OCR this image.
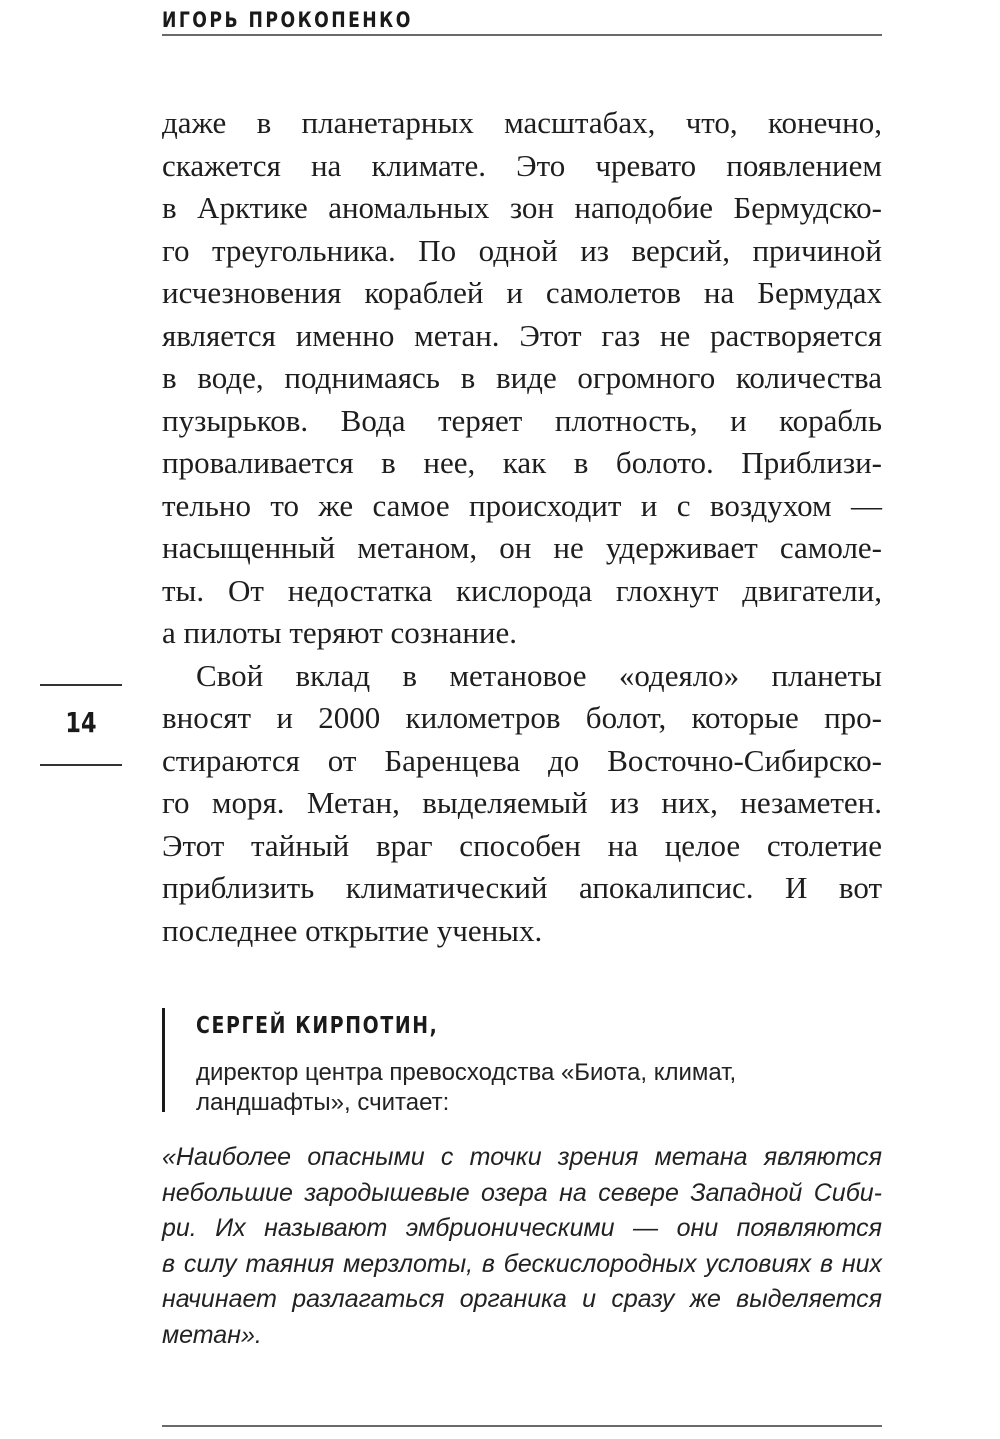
ИГОРЬ ПРОКОПЕНКО
14
даже в планетарных масштабах, что, конечно,
скажется на климате. Это чревато появлением
в Арктике аномальных зон наподобие Бермудско-
го треугольника. По одной из версий, причиной
исчезновения кораблей и самолетов на Бермудах
является именно метан. Этот газ не растворяется
в воде, поднимаясь в виде огромного количества
пузырьков. Вода теряет плотность, и корабль
проваливается в нее, как в болото. Приблизи-
тельно то же самое происходит и с воздухом —
насыщенный метаном, он не удерживает самоле-
ты. От недостатка кислорода глохнут двигатели,
а пилоты теряют сознание.
Свой вклад в метановое «одеяло» планеты
вносят и 2000 километров болот, которые про-
стираются от Баренцева до Восточно-Сибирско-
го моря. Метан, выделяемый из них, незаметен.
Этот тайный враг способен на целое столетие
приблизить климатический апокалипсис. И вот
последнее открытие ученых.
СЕРГЕЙ КИРПОТИН,
директор центра превосходства «Биота, климат,
ландшафты», считает:
«Наиболее опасными с точки зрения метана являются
небольшие зародышевые озера на севере Западной Сиби-
ри. Их называют эмбрионическими — они появляются
в силу таяния мерзлоты, в бескислородных условиях в них
начинает разлагаться органика и сразу же выделяется
метан».
